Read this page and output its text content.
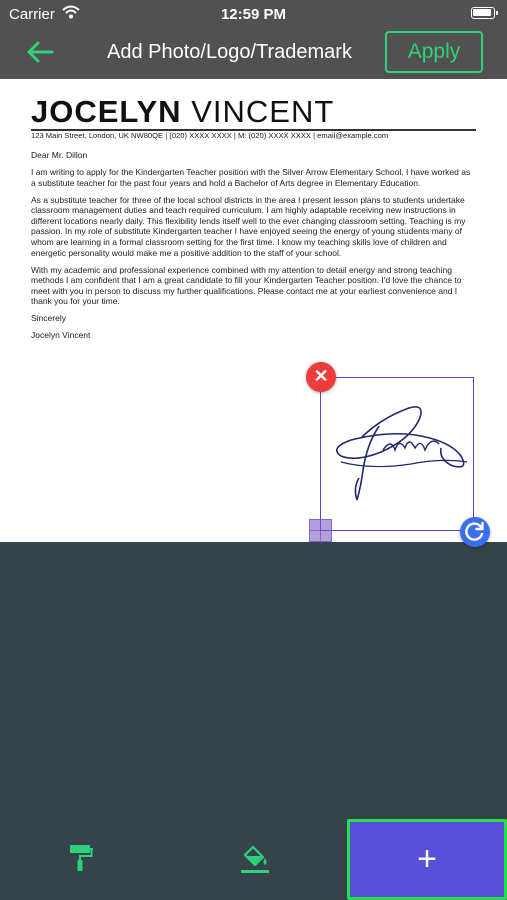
Carrier	12:59 PM
Add Photo/Logo/Trademark	Apply
JOCELYN VINCENT
123 Main Street, London, UK NW80QE | (020) XXXX XXXX | M: (020) XXXX XXXX | email@example.com

Dear Mr. Dillon

I am writing to apply for the Kindergarten Teacher position with the Silver Arrow Elementary School. I have worked as a substitute teacher for the past four years and hold a Bachelor of Arts degree in Elementary Education.

As a substitute teacher for three of the local school districts in the area I present lesson plans to students undertake classroom management duties and teach required curriculum. I am highly adaptable receiving new instructions in different locations nearly daily. This flexibility lends itself well to the ever changing classroom setting. Teaching is my passion. In my role of substitute Kindergarten teacher I have enjoyed seeing the energy of young students many of whom are learning in a formal classroom setting for the first time. I know my teaching skills love of children and energetic personality would make me a positive addition to the staff of your school.

With my academic and professional experience combined with my attention to detail energy and strong teaching methods I am confident that I am a great candidate to fill your Kindergarten Teacher position. I'd love the chance to meet with you in person to discuss my further qualifications. Please contact me at your earliest convenience and I thank you for your time.

Sincerely

Jocelyn Vincent

✕
+
